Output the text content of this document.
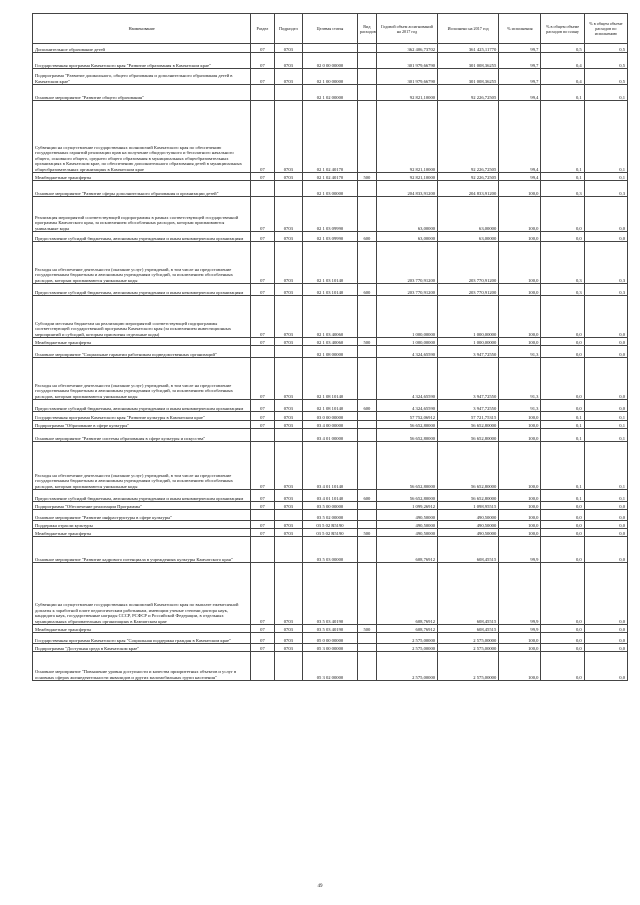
Наименование	Раздел	Подраздел	Целевая статья	Вид расходов	Годовой объем ассигнований на 2017 год	Исполнено на 2017 год	% исполнения	% в общем объеме расходов по плану	% в общем объеме расходов по исполнению
Дополнительное образование детей	07	0703			362 406,73702	361 425,11770	99,7	0,5	0,5
Государственная программа Камчатского края "Развитие образования в Камчатском крае"	07	0703	02 0 00 00000		301 979,66790	301 008,36255	99,7	0,4	0,5
Подпрограмма "Развитие дошкольного, общего образования и дополнительного образования детей в Камчатском крае"	07	0703	02 1 00 00000		301 979,66790	301 008,36255	99,7	0,4	0,5
Основное мероприятие "Развитие общего образования"			02 1 02 00000		92 821,10000	92 226,72505	99,4	0,1	0,1
Субвенции на осуществление государственных полномочий Камчатского края по обеспечению государственных гарантий реализации прав на получение общедоступного и бесплатного начального общего, основного общего, среднего общего образования в муниципальных общеобразовательных организациях в Камчатском крае, по обеспечению дополнительного образования детей в муниципальных общеобразовательных организациях в Камчатском крае	07	0703	02 1 02 40170		92 821,10000	92 226,72505	99,4	0,1	0,1
Межбюджетные трансферты	07	0703	02 1 02 40170	500	92 821,10000	92 226,72505	99,4	0,1	0,1
Основное мероприятие "Развитие сферы дополнительного образования и организации детей"			02 1 03 00000		204 833,91200	204 833,91200	100,0	0,3	0,3
Реализация мероприятий соответствующей подпрограммы в рамках соответствующей государственной программы Камчатского края, за исключением обособленных расходов, которым присваиваются уникальные коды	07	0703	02 1 03 09990		63,00000	63,00000	100,0	0,0	0,0
Предоставление субсидий бюджетным, автономным учреждениям и иным некоммерческим организациям	07	0703	02 1 03 09990	600	63,00000	63,00000	100,0	0,0	0,0
Расходы на обеспечение деятельности (оказание услуг) учреждений, в том числе на предоставление государственным бюджетным и автономным учреждениям субсидий, за исключением обособленных расходов, которым присваиваются уникальные коды	07	0703	02 1 03 10140		203 770,91200	203 770,91200	100,0	0,3	0,3
Предоставление субсидий бюджетным, автономным учреждениям и иным некоммерческим организациям	07	0703	02 1 03 10140	600	203 770,91200	203 770,91200	100,0	0,3	0,3
Субсидии местным бюджетам на реализацию мероприятий соответствующей подпрограммы соответствующей государственной программы Камчатского края (за исключением инвестиционных мероприятий и субсидий, которым присвоены отдельные коды)	07	0703	02 1 03 40060		1 000,00000	1 000,00000	100,0	0,0	0,0
Межбюджетные трансферты	07	0703	02 1 03 40060	500	1 000,00000	1 000,00000	100,0	0,0	0,0
Основное мероприятие "Социальные гарантии работникам подведомственных организаций"			02 1 08 00000		4 324,65590	3 947,72550	91,3	0,0	0,0
Расходы на обеспечение деятельности (оказание услуг) учреждений, в том числе на предоставление государственным бюджетным и автономным учреждениям субсидий, за исключением обособленных расходов, которым присваиваются уникальные коды	07	0703	02 1 08 10140		4 324,65590	3 947,72550	91,3	0,0	0,0
Предоставление субсидий бюджетным, автономным учреждениям и иным некоммерческим организациям	07	0703	02 1 08 10140	600	4 324,65590	3 947,72550	91,3	0,0	0,0
Государственная программа Камчатского края "Развитие культуры в Камчатском крае"	07	0703	03 0 00 00000		57 752,06912	57 721,75315	100,0	0,1	0,1
Подпрограмма "Образование в сфере культуры"	07	0703	03 4 00 00000		56 652,80000	56 652,80000	100,0	0,1	0,1
Основное мероприятие "Развитие системы образования в сфере культуры и искусства"			03 4 01 00000		56 652,80000	56 652,80000	100,0	0,1	0,1
Расходы на обеспечение деятельности (оказание услуг) учреждений, в том числе на предоставление государственным бюджетным и автономным учреждениям субсидий, за исключением обособленных расходов, которым присваиваются уникальные коды	07	0703	03 4 01 10140		56 652,80000	56 652,80000	100,0	0,1	0,1
Предоставление субсидий бюджетным, автономным учреждениям и иным некоммерческим организациям	07	0703	03 4 01 10140	600	56 652,80000	56 652,80000	100,0	0,1	0,1
Подпрограмма "Обеспечение реализации Программы"	07	0703	03 5 00 00000		1 099,26912	1 098,95515	100,0	0,0	0,0
Основное мероприятие "Развитие инфраструктуры в сфере культуры"			03 5 02 00000		490,50000	490,50000	100,0	0,0	0,0
Поддержка отрасли культуры	07	0703	03 5 02 R5190		490,50000	490,50000	100,0	0,0	0,0
Межбюджетные трансферты	07	0703	03 5 02 R5190	500	490,50000	490,50000	100,0	0,0	0,0
Основное мероприятие "Развитие кадрового потенциала в учреждениях культуры Камчатского края"			03 5 03 00000		608,76912	608,45515	99,9	0,0	0,0
Субвенции на осуществление государственных полномочий Камчатского края по выплате ежемесячной доплаты к заработной плате педагогическим работникам, имеющим ученые степени доктора наук, кандидата наук, государственные награды СССР, РСФСР и Российской Федерации, в отдельных муниципальных образовательных организациях в Камчатском крае	07	0703	03 5 03 40190		608,76912	608,45515	99,9	0,0	0,0
Межбюджетные трансферты	07	0703	03 5 03 40190	500	608,76912	608,45515	99,9	0,0	0,0
Государственная программа Камчатского края "Социальная поддержка граждан в Камчатском крае"	07	0703	05 0 00 00000		2 575,00000	2 575,00000	100,0	0,0	0,0
Подпрограмма "Доступная среда в Камчатском крае"	07	0703	05 3 00 00000		2 575,00000	2 575,00000	100,0	0,0	0,0
Основное мероприятие "Повышение уровня доступности и качества приоритетных объектов и услуг в основных сферах жизнедеятельности инвалидов и других маломобильных групп населения"			05 3 02 00000		2 575,00000	2 575,00000	100,0	0,0	0,0
49
